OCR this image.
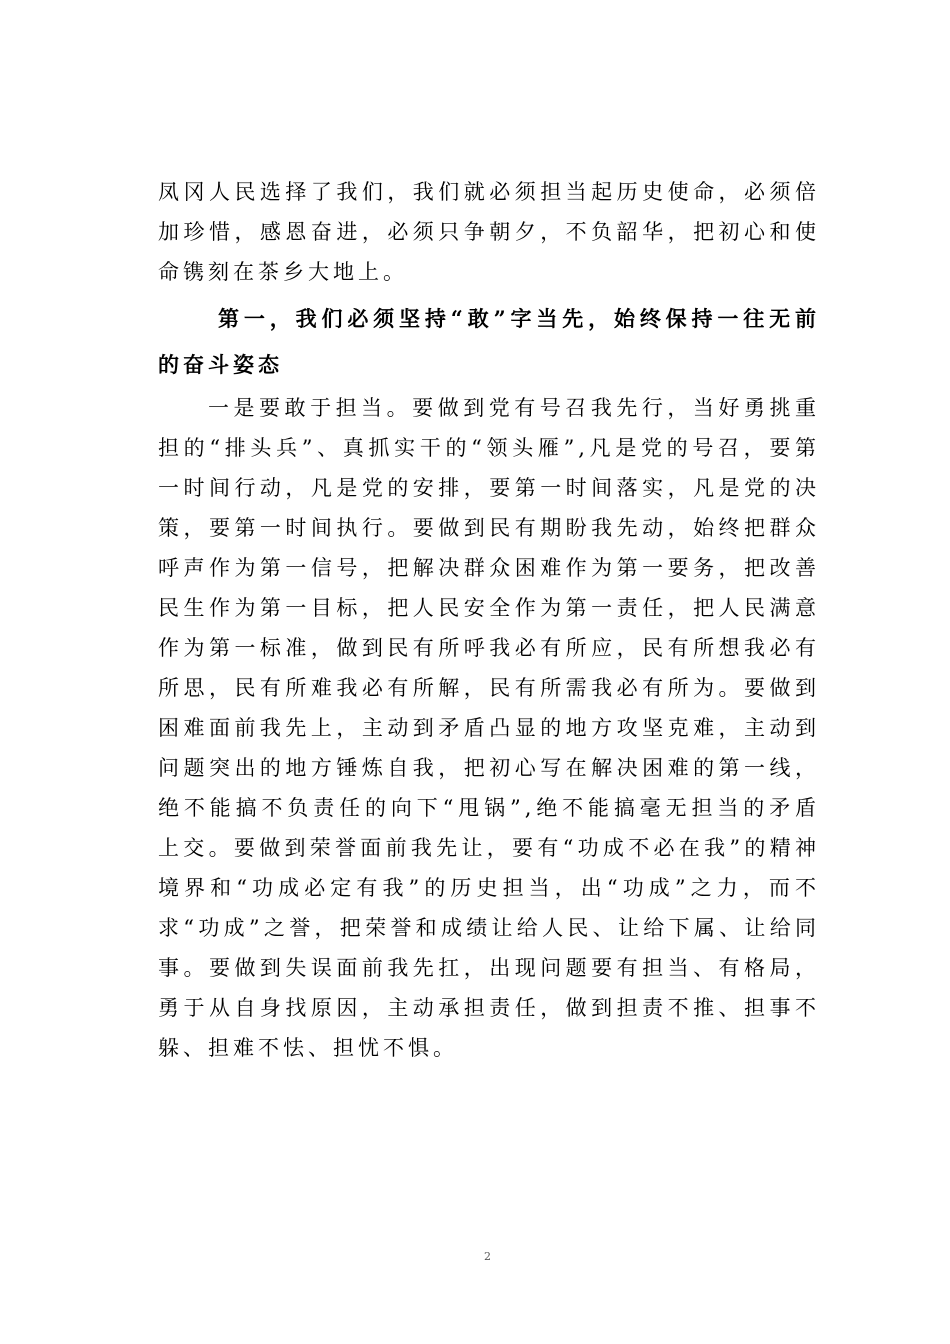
凤冈人民选择了我们，我们就必须担当起历史使命，必须倍加珍惜，感恩奋进，必须只争朝夕，不负韶华，把初心和使命镌刻在茶乡大地上。

第一，我们必须坚持“敢”字当先，始终保持一往无前的奋斗姿态

一是要敢于担当。要做到党有号召我先行，当好勇挑重担的“排头兵”、真抓实干的“领头雁”,凡是党的号召，要第一时间行动，凡是党的安排，要第一时间落实，凡是党的决策，要第一时间执行。要做到民有期盼我先动，始终把群众呼声作为第一信号，把解决群众困难作为第一要务，把改善民生作为第一目标，把人民安全作为第一责任，把人民满意作为第一标准，做到民有所呼我必有所应，民有所想我必有所思，民有所难我必有所解，民有所需我必有所为。要做到困难面前我先上，主动到矛盾凸显的地方攻坚克难，主动到问题突出的地方锤炼自我，把初心写在解决困难的第一线，绝不能搞不负责任的向下“甩锅”,绝不能搞毫无担当的矛盾上交。要做到荣誉面前我先让，要有“功成不必在我”的精神境界和“功成必定有我”的历史担当，出“功成”之力，而不求“功成”之誉，把荣誉和成绩让给人民、让给下属、让给同事。要做到失误面前我先扛，出现问题要有担当、有格局，勇于从自身找原因，主动承担责任，做到担责不推、担事不躲、担难不怯、担忧不惧。

2
